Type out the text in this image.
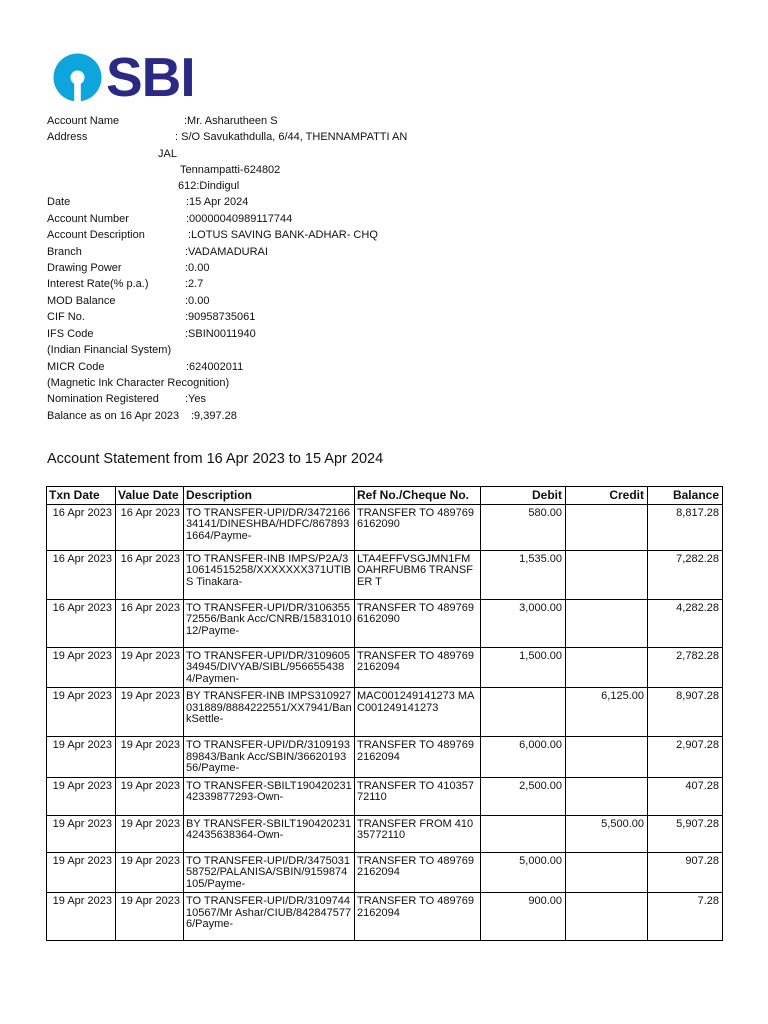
SBI
Account Name	:Mr. Asharutheen S
Address	: S/O Savukathdulla, 6/44, THENNAMPATTI AN
JAL
Tennampatti-624802
612:Dindigul
Date	:15 Apr 2024
Account Number	:00000040989117744
Account Description	:LOTUS SAVING BANK-ADHAR- CHQ
Branch	:VADAMADURAI
Drawing Power	:0.00
Interest Rate(% p.a.)	:2.7
MOD Balance	:0.00
CIF No.	:90958735061
IFS Code	:SBIN0011940
(Indian Financial System)
MICR Code	:624002011
(Magnetic Ink Character Recognition)
Nomination Registered :Yes
Balance as on 16 Apr 2023 :9,397.28
Account Statement from 16 Apr 2023 to 15 Apr 2024
Txn Date	Value Date	Description	Ref No./Cheque No.	Debit	Credit	Balance
16 Apr 2023	16 Apr 2023	TO TRANSFER-UPI/DR/347216634141/DINESHBA/HDFC/8678931664/Payme-	TRANSFER TO 4897696162090	580.00		8,817.28
16 Apr 2023	16 Apr 2023	TO TRANSFER-INB IMPS/P2A/310614515258/XXXXXXX371UTIBS Tinakara-	LTA4EFFVSGJMN1FMOAHRFUBM6 TRANSFER T	1,535.00		7,282.28
16 Apr 2023	16 Apr 2023	TO TRANSFER-UPI/DR/310635572556/Bank Acc/CNRB/1583101012/Payme-	TRANSFER TO 4897696162090	3,000.00		4,282.28
19 Apr 2023	19 Apr 2023	TO TRANSFER-UPI/DR/310960534945/DIVYAB/SIBL/9566554384/Paymen-	TRANSFER TO 4897692162094	1,500.00		2,782.28
19 Apr 2023	19 Apr 2023	BY TRANSFER-INB IMPS310927031889/8884222551/XX7941/BankSettle-	MAC001249141273 MAC001249141273		6,125.00	8,907.28
19 Apr 2023	19 Apr 2023	TO TRANSFER-UPI/DR/310919389843/Bank Acc/SBIN/3662019356/Payme-	TRANSFER TO 4897692162094	6,000.00		2,907.28
19 Apr 2023	19 Apr 2023	TO TRANSFER-SBILT19042023142339877293-Own-	TRANSFER TO 41035772110	2,500.00		407.28
19 Apr 2023	19 Apr 2023	BY TRANSFER-SBILT19042023142435638364-Own-	TRANSFER FROM 41035772110		5,500.00	5,907.28
19 Apr 2023	19 Apr 2023	TO TRANSFER-UPI/DR/347503158752/PALANISA/SBIN/9159874105/Payme-	TRANSFER TO 4897692162094	5,000.00		907.28
19 Apr 2023	19 Apr 2023	TO TRANSFER-UPI/DR/310974410567/Mr Ashar/CIUB/8428475776/Payme-	TRANSFER TO 4897692162094	900.00		7.28
